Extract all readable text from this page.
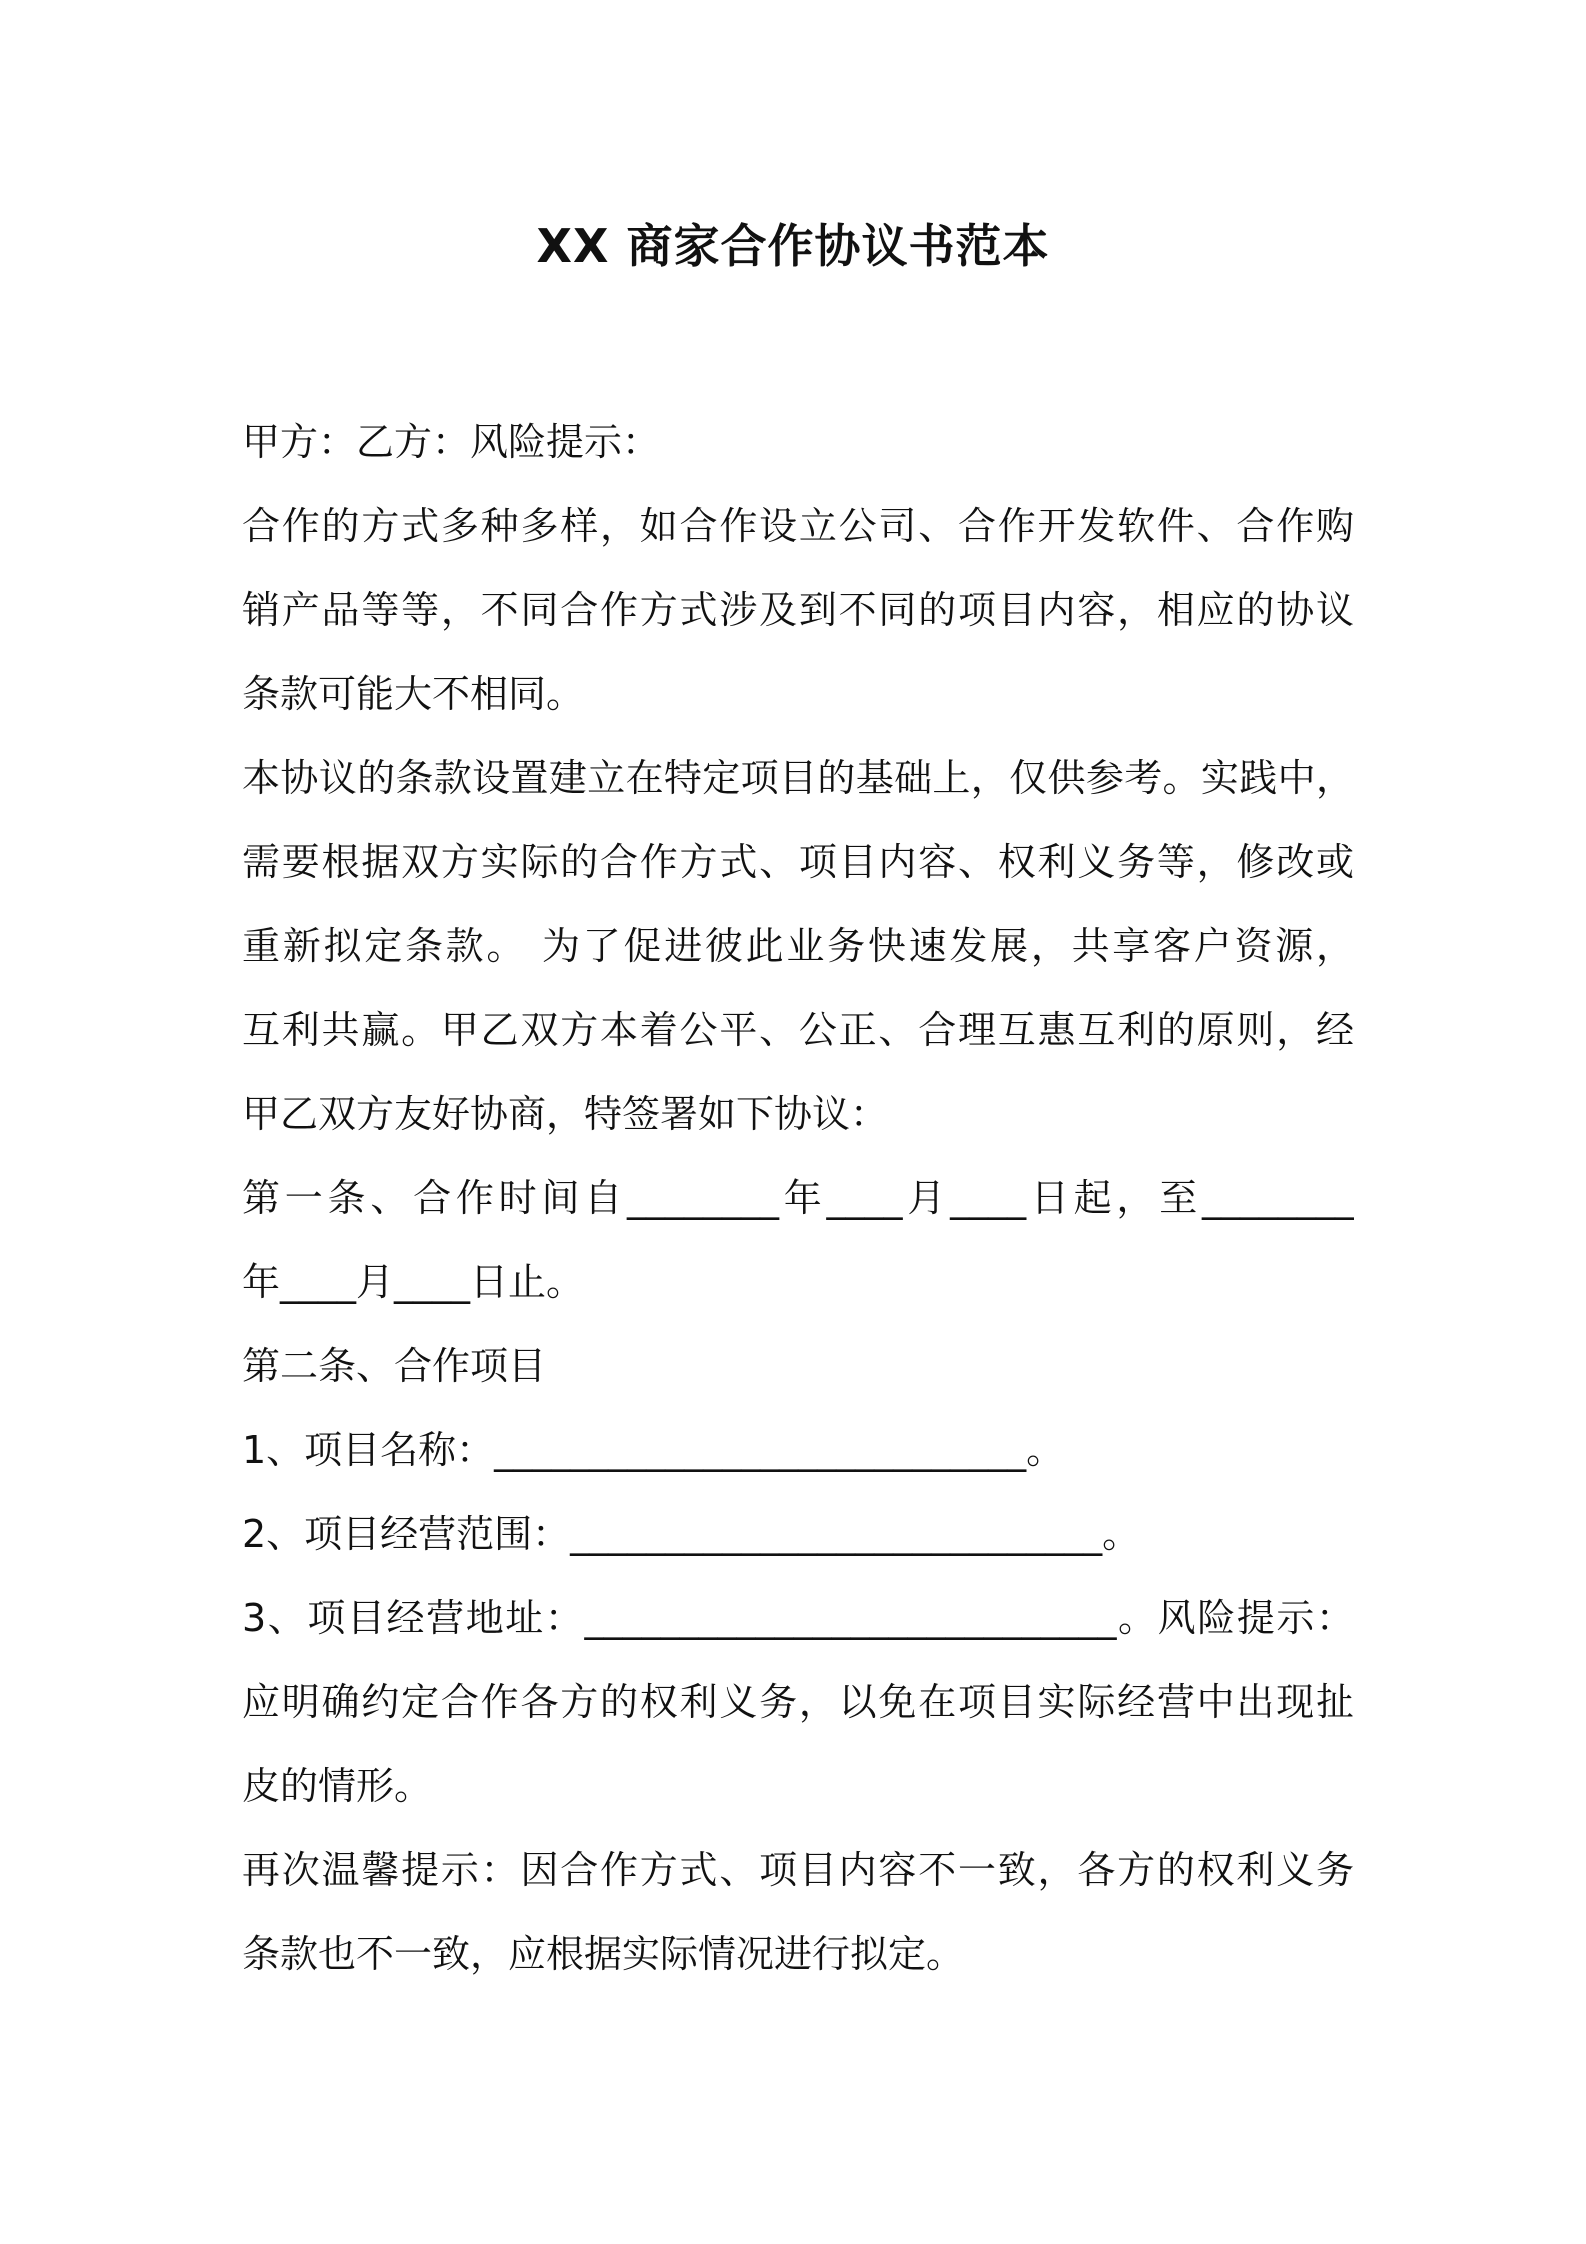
XX 商家合作协议书范本
甲方：乙方：风险提示：
合作的方式多种多样，如合作设立公司、合作开发软件、合作购
销产品等等，不同合作方式涉及到不同的项目内容，相应的协议
条款可能大不相同。
本协议的条款设置建立在特定项目的基础上，仅供参考。实践中，
需要根据双方实际的合作方式、项目内容、权利义务等，修改或
重新拟定条款。 为了促进彼此业务快速发展，共享客户资源，
互利共赢。甲乙双方本着公平、公正、合理互惠互利的原则，经
甲乙双方友好协商，特签署如下协议：
第一条、合作时间自________年____月____日起，至________
年____月____日止。
第二条、合作项目
1、项目名称：____________________________。
2、项目经营范围：____________________________。
3、项目经营地址：____________________________。风险提示：
应明确约定合作各方的权利义务，以免在项目实际经营中出现扯
皮的情形。
再次温馨提示：因合作方式、项目内容不一致，各方的权利义务
条款也不一致，应根据实际情况进行拟定。
